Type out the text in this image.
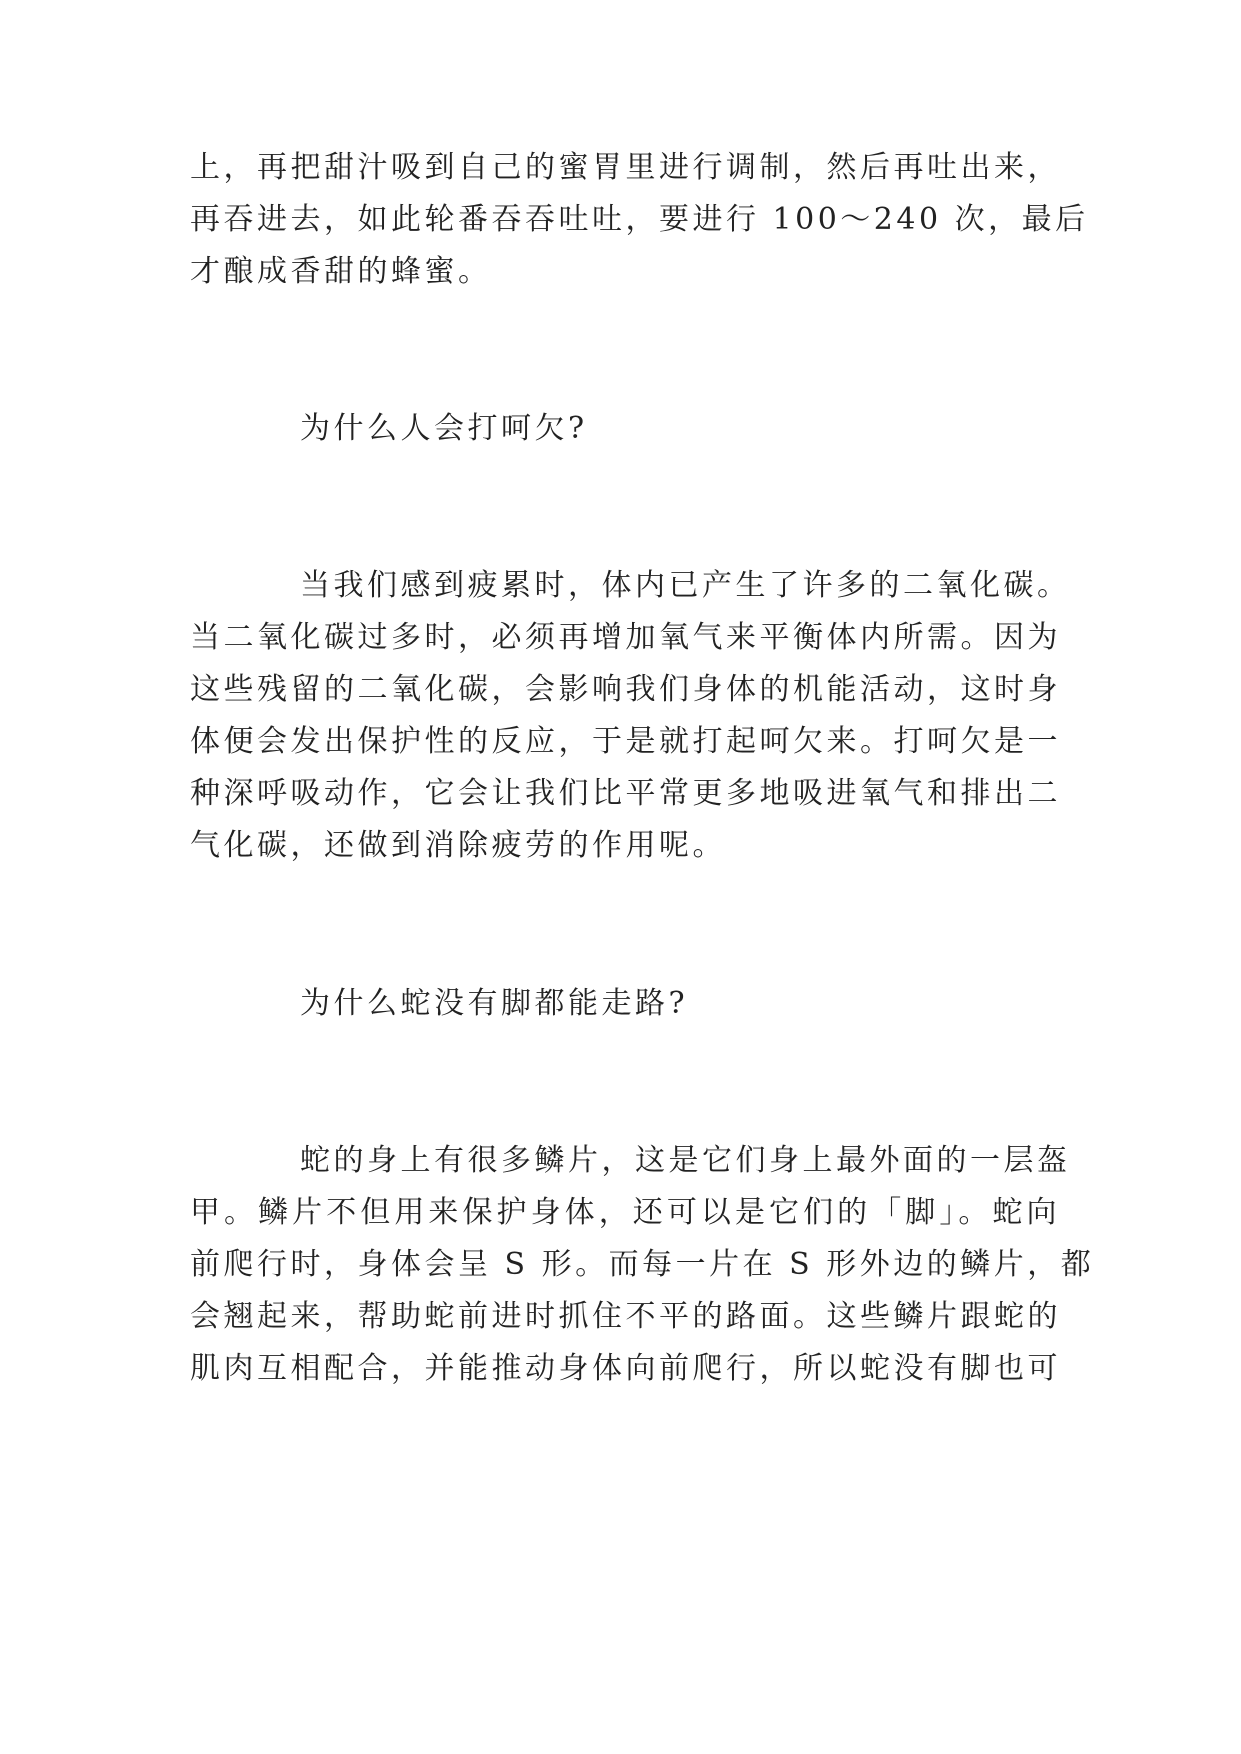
上，再把甜汁吸到自己的蜜胃里进行调制，然后再吐出来，
再吞进去，如此轮番吞吞吐吐，要进行 100～240 次，最后
才酿成香甜的蜂蜜。
为什么人会打呵欠?
当我们感到疲累时，体内已产生了许多的二氧化碳。
当二氧化碳过多时，必须再增加氧气来平衡体内所需。因为
这些残留的二氧化碳，会影响我们身体的机能活动，这时身
体便会发出保护性的反应，于是就打起呵欠来。打呵欠是一
种深呼吸动作，它会让我们比平常更多地吸进氧气和排出二
气化碳，还做到消除疲劳的作用呢。
为什么蛇没有脚都能走路?
蛇的身上有很多鳞片，这是它们身上最外面的一层盔
甲。鳞片不但用来保护身体，还可以是它们的「脚」。蛇向
前爬行时，身体会呈 S 形。而每一片在 S 形外边的鳞片，都
会翘起来，帮助蛇前进时抓住不平的路面。这些鳞片跟蛇的
肌肉互相配合，并能推动身体向前爬行，所以蛇没有脚也可
